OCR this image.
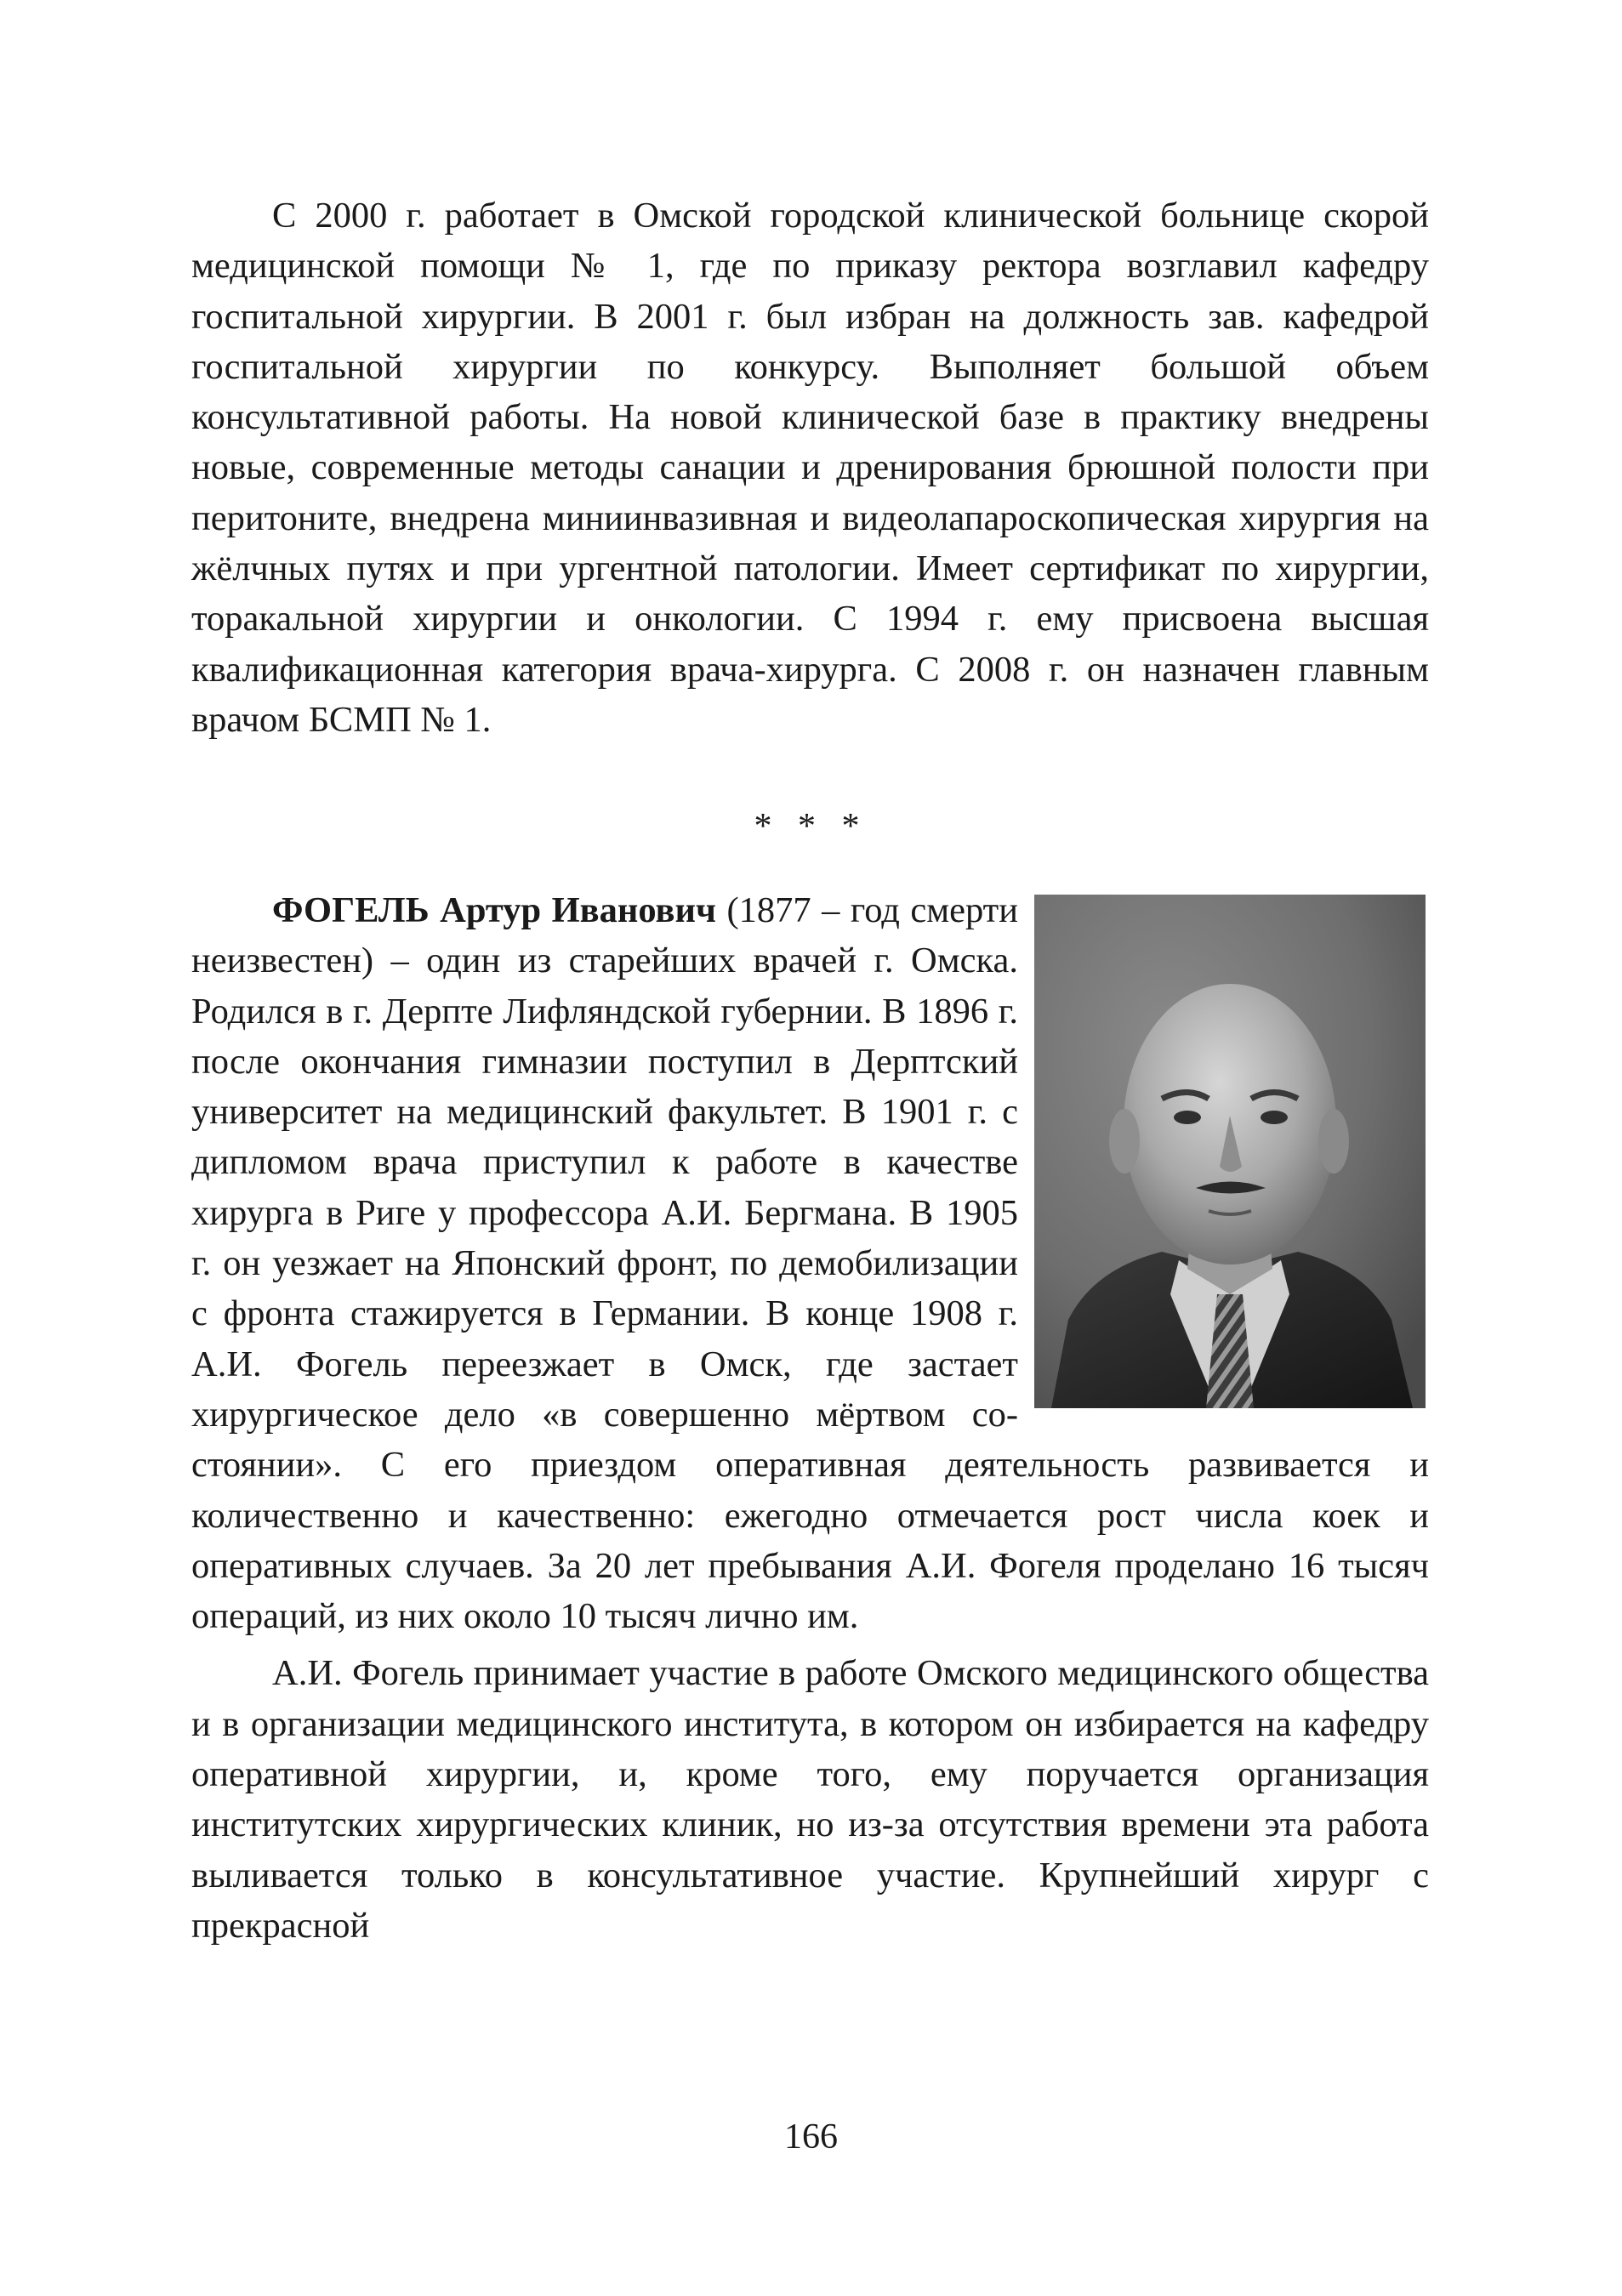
С 2000 г. работает в Омской городской клинической больнице скорой медицинской помощи № 1, где по приказу ректора возглавил кафедру госпитальной хирургии. В 2001 г. был избран на должность зав. кафедрой госпитальной хирургии по конкурсу. Выполняет большой объем консультативной работы. На новой клинической базе в практику внедрены новые, современные методы санации и дренирования брюшной полости при перитоните, внедрена миниинвазивная и видеолапароскопическая хирургия на жёлчных путях и при ургентной патологии. Имеет сертификат по хирургии, торакальной хирургии и онкологии. С 1994 г. ему присвоена высшая квалификационная категория врача-хирурга. С 2008 г. он назначен главным врачом БСМП № 1.

* * *

ФОГЕЛЬ Артур Иванович (1877 – год смерти неизвестен) – один из старейших врачей г. Омска. Родился в г. Дерпте Лифляндской губернии. В 1896 г. после окончания гимназии поступил в Дерптский университет на медицинский факультет. В 1901 г. с дипломом врача приступил к работе в качестве хирурга в Риге у профессора А.И. Бергмана. В 1905 г. он уезжает на Японский фронт, по демобилизации с фронта стажируется в Германии. В конце 1908 г. А.И. Фогель переезжает в Омск, где застает хирургическое дело «в совершенно мёртвом состоянии». С его приездом оперативная деятельность развивается и количественно и качественно: ежегодно отмечается рост числа коек и оперативных случаев. За 20 лет пребывания А.И. Фогеля проделано 16 тысяч операций, из них около 10 тысяч лично им.

А.И. Фогель принимает участие в работе Омского медицинского общества и в организации медицинского института, в котором он избирается на кафедру оперативной хирургии, и, кроме того, ему поручается организация институтских хирургических клиник, но из-за отсутствия времени эта работа выливается только в консультативное участие. Крупнейший хирург с прекрасной

166
